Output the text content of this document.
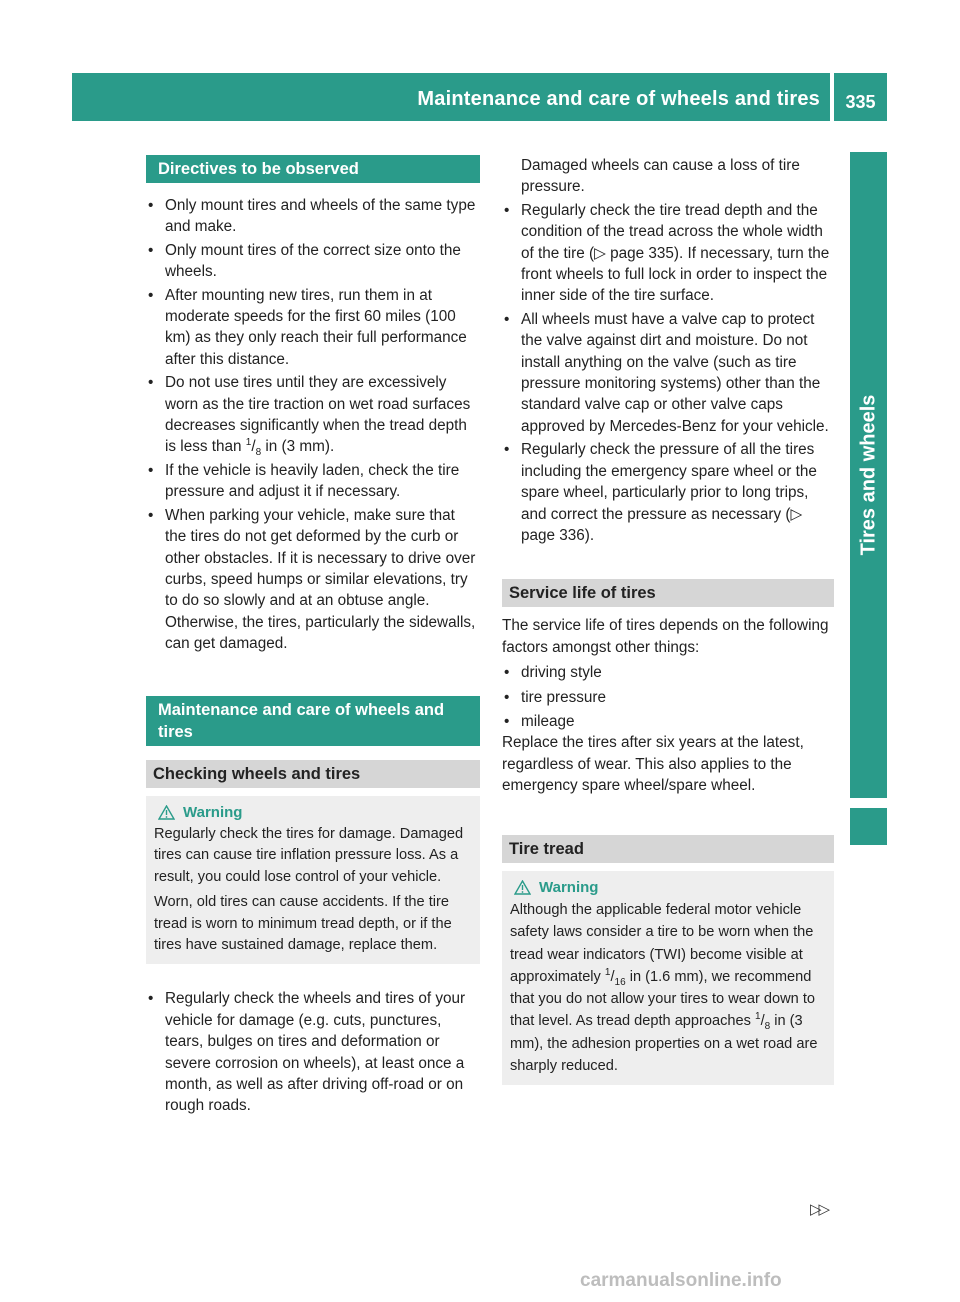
Maintenance and care of wheels and tires	335
Tires and wheels
Directives to be observed
• Only mount tires and wheels of the same type and make.
• Only mount tires of the correct size onto the wheels.
• After mounting new tires, run them in at moderate speeds for the first 60 miles (100 km) as they only reach their full performance after this distance.
• Do not use tires until they are excessively worn as the tire traction on wet road surfaces decreases significantly when the tread depth is less than $^1/_8$ in (3 mm).
• If the vehicle is heavily laden, check the tire pressure and adjust it if necessary.
• When parking your vehicle, make sure that the tires do not get deformed by the curb or other obstacles. If it is necessary to drive over curbs, speed humps or similar elevations, try to do so slowly and at an obtuse angle. Otherwise, the tires, particularly the sidewalls, can get damaged.
Maintenance and care of wheels and tires
Checking wheels and tires
Warning

Regularly check the tires for damage. Damaged tires can cause tire inflation pressure loss. As a result, you could lose control of your vehicle.

Worn, old tires can cause accidents. If the tire tread is worn to minimum tread depth, or if the tires have sustained damage, replace them.

• Regularly check the wheels and tires of your vehicle for damage (e.g. cuts, punctures, tears, bulges on tires and deformation or severe corrosion on wheels), at least once a month, as well as after driving off-road or on rough roads.

Damaged wheels can cause a loss of tire pressure.

• Regularly check the tire tread depth and the condition of the tread across the whole width of the tire (▷ page 335). If necessary, turn the front wheels to full lock in order to inspect the inner side of the tire surface.
• All wheels must have a valve cap to protect the valve against dirt and moisture. Do not install anything on the valve (such as tire pressure monitoring systems) other than the standard valve cap or other valve caps approved by Mercedes-Benz for your vehicle.
• Regularly check the pressure of all the tires including the emergency spare wheel or the spare wheel, particularly prior to long trips, and correct the pressure as necessary (▷ page 336).
Service life of tires

The service life of tires depends on the following factors amongst other things:

• driving style
• tire pressure
• mileage

Replace the tires after six years at the latest, regardless of wear. This also applies to the emergency spare wheel/spare wheel.

Tire tread
Warning

Although the applicable federal motor vehicle safety laws consider a tire to be worn when the tread wear indicators (TWI) become visible at approximately $^1/_{16}$ in (1.6 mm), we recommend that you do not allow your tires to wear down to that level. As tread depth approaches $^1/_8$ in (3 mm), the adhesion properties on a wet road are sharply reduced.

▷▷
carmanualsonline.info
